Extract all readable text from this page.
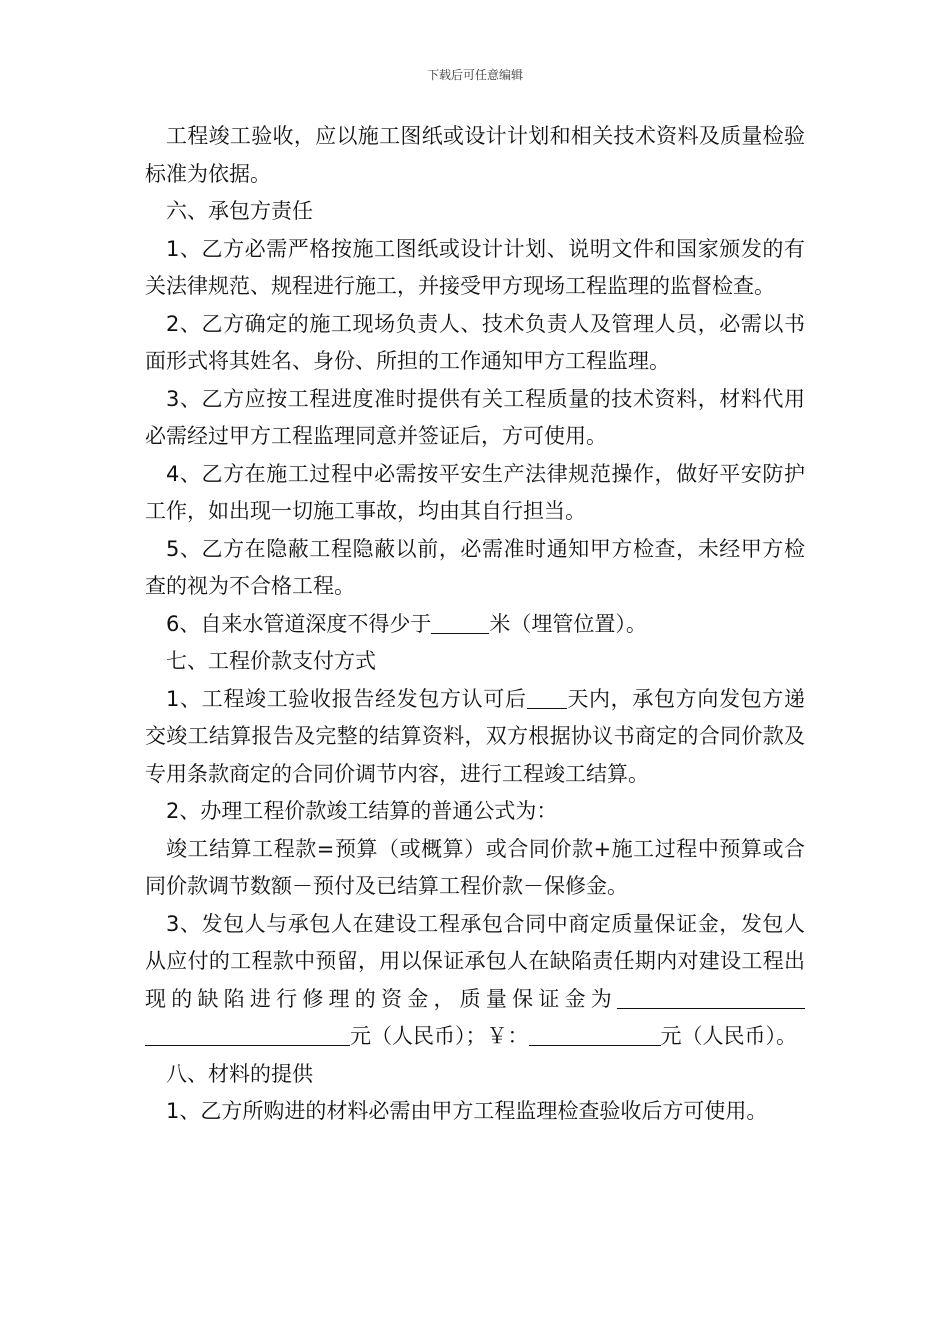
下载后可任意编辑

工程竣工验收，应以施工图纸或设计计划和相关技术资料及质量检验标准为依据。

六、承包方责任

1、乙方必需严格按施工图纸或设计计划、说明文件和国家颁发的有关法律规范、规程进行施工，并接受甲方现场工程监理的监督检查。

2、乙方确定的施工现场负责人、技术负责人及管理人员，必需以书面形式将其姓名、身份、所担的工作通知甲方工程监理。

3、乙方应按工程进度准时提供有关工程质量的技术资料，材料代用必需经过甲方工程监理同意并签证后，方可使用。

4、乙方在施工过程中必需按平安生产法律规范操作，做好平安防护工作，如出现一切施工事故，均由其自行担当。

5、乙方在隐蔽工程隐蔽以前，必需准时通知甲方检查，未经甲方检查的视为不合格工程。

6、自来水管道深度不得少于	米（埋管位置）。

七、工程价款支付方式

1、工程竣工验收报告经发包方认可后 天内，承包方向发包方递交竣工结算报告及完整的结算资料，双方根据协议书商定的合同价款及专用条款商定的合同价调节内容，进行工程竣工结算。

2、办理工程价款竣工结算的普通公式为：

竣工结算工程款=预算（或概算）或合同价款+施工过程中预算或合同价款调节数额－预付及已结算工程价款－保修金。

3、发包人与承包人在建设工程承包合同中商定质量保证金，发包人从应付的工程款中预留，用以保证承包人在缺陷责任期内对建设工程出现的缺陷进行修理的资金，质量保证金为元（人民币）；￥：	元（人民币）。

八、材料的提供

1、乙方所购进的材料必需由甲方工程监理检查验收后方可使用。
